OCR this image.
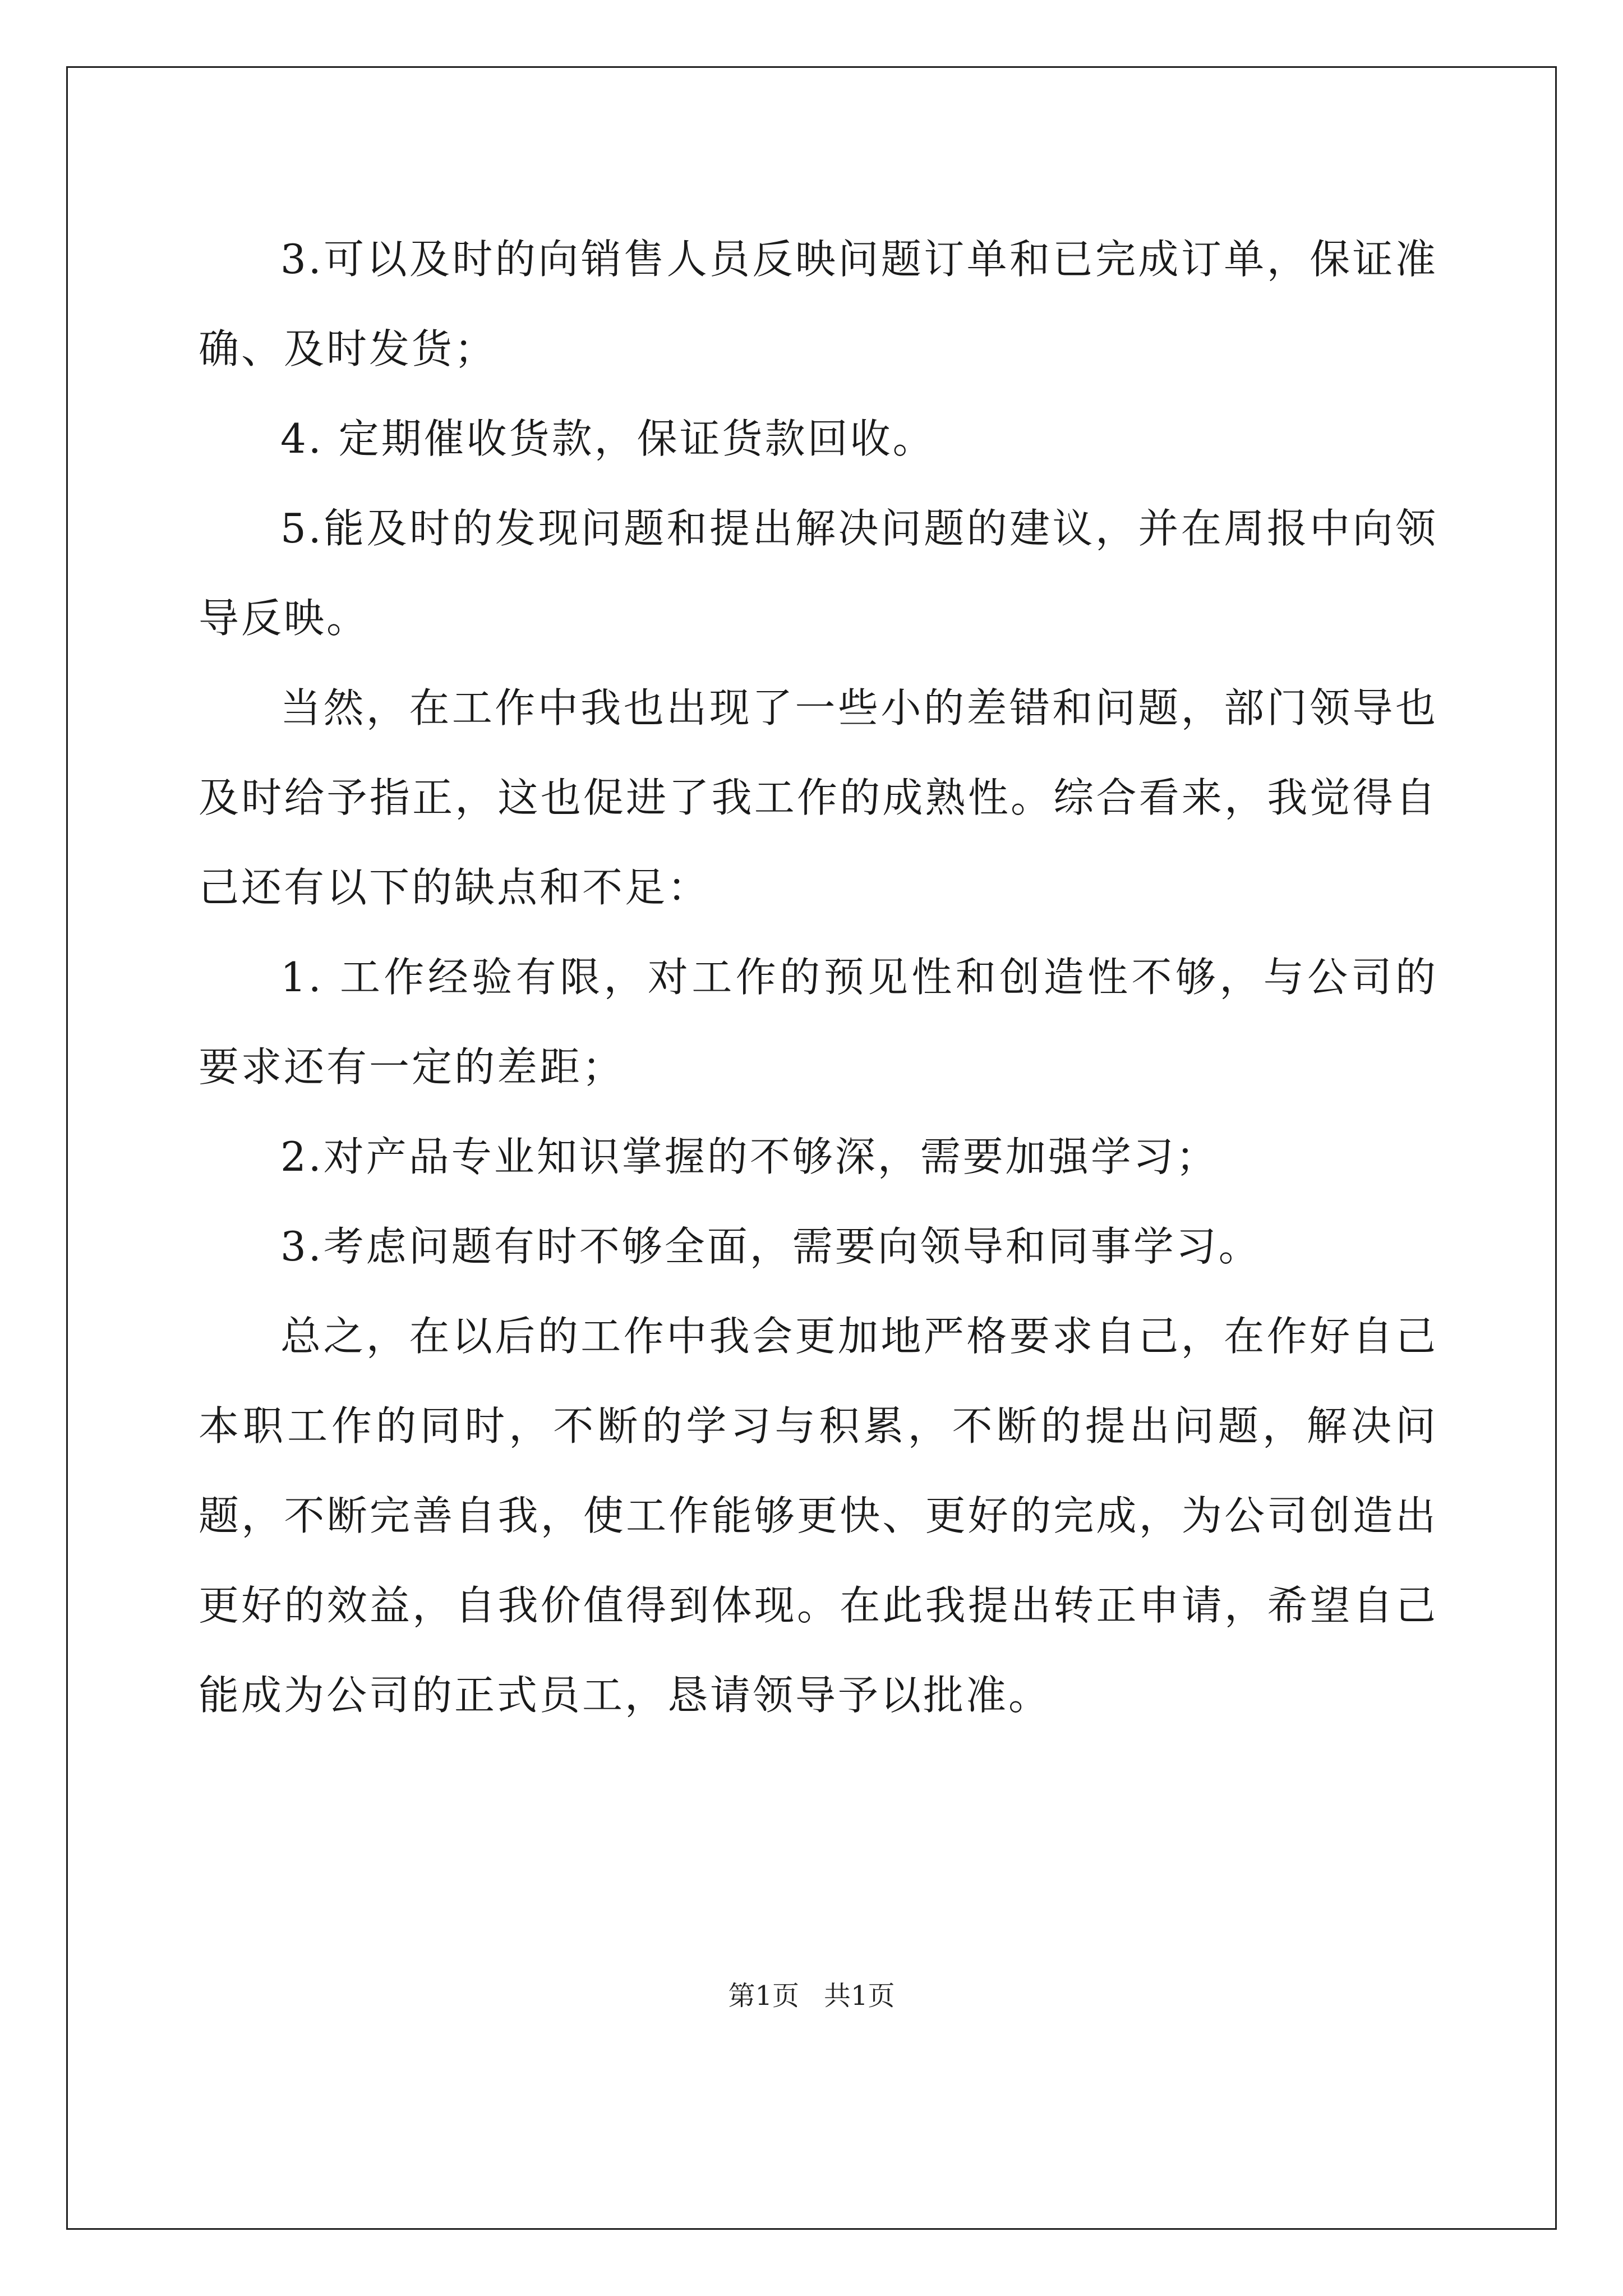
3.可以及时的向销售人员反映问题订单和已完成订单，保证准确、及时发货；

4. 定期催收货款，保证货款回收。

5.能及时的发现问题和提出解决问题的建议，并在周报中向领导反映。

当然，在工作中我也出现了一些小的差错和问题，部门领导也及时给予指正，这也促进了我工作的成熟性。综合看来，我觉得自己还有以下的缺点和不足：

1. 工作经验有限，对工作的预见性和创造性不够，与公司的要求还有一定的差距；

2.对产品专业知识掌握的不够深，需要加强学习；

3.考虑问题有时不够全面，需要向领导和同事学习。

总之，在以后的工作中我会更加地严格要求自己，在作好自己本职工作的同时，不断的学习与积累，不断的提出问题，解决问题，不断完善自我，使工作能够更快、更好的完成，为公司创造出更好的效益，自我价值得到体现。在此我提出转正申请，希望自己能成为公司的正式员工，恳请领导予以批准。

第1页 共1页
